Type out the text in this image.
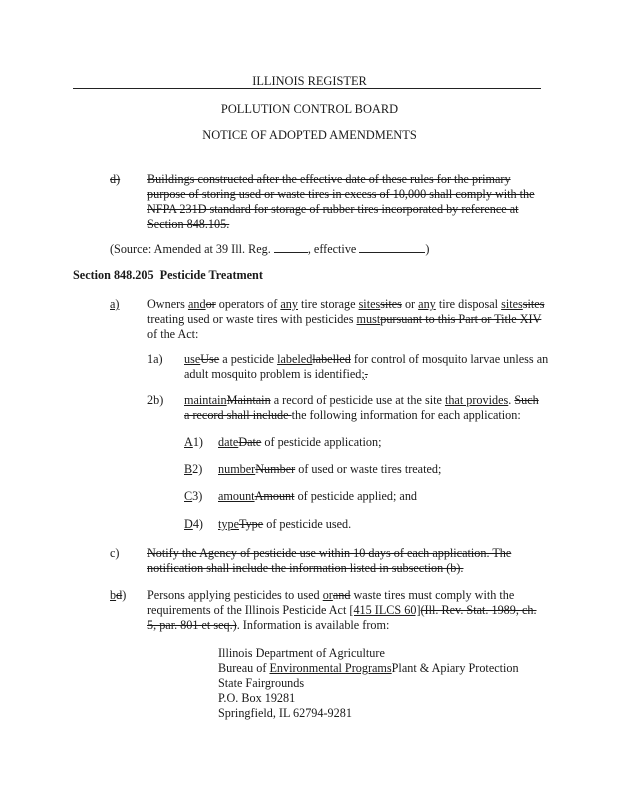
ILLINOIS REGISTER
POLLUTION CONTROL BOARD
NOTICE OF ADOPTED AMENDMENTS
d) Buildings constructed after the effective date of these rules for the primary
purpose of storing used or waste tires in excess of 10,000 shall comply with the
NFPA 231D standard for storage of rubber tires incorporated by reference at
Section 848.105.
(Source: Amended at 39 Ill. Reg.	, effective	)
Section 848.205 Pesticide Treatment
a) Owners andor operators of any tire storage sitessites or any tire disposal sitessites
treating used or waste tires with pesticides mustpursuant to this Part or Title XIV
of the Act:
1a) useUse a pesticide labeledlabelled for control of mosquito larvae unless an
adult mosquito problem is identified;.
2b) maintainMaintain a record of pesticide use at the site that provides. Such
a record shall include the following information for each application:
A1) dateDate of pesticide application;
B2) numberNumber of used or waste tires treated;
C3) amountAmount of pesticide applied; and
D4) typeType of pesticide used.
c) Notify the Agency of pesticide use within 10 days of each application. The
notification shall include the information listed in subsection (b).
bd) Persons applying pesticides to used orand waste tires must comply with the
requirements of the Illinois Pesticide Act [415 ILCS 60](Ill. Rev. Stat. 1989, ch.
5, par. 801 et seq.). Information is available from:
Illinois Department of Agriculture
Bureau of Environmental ProgramsPlant & Apiary Protection
State Fairgrounds
P.O. Box 19281
Springfield, IL 62794-9281
